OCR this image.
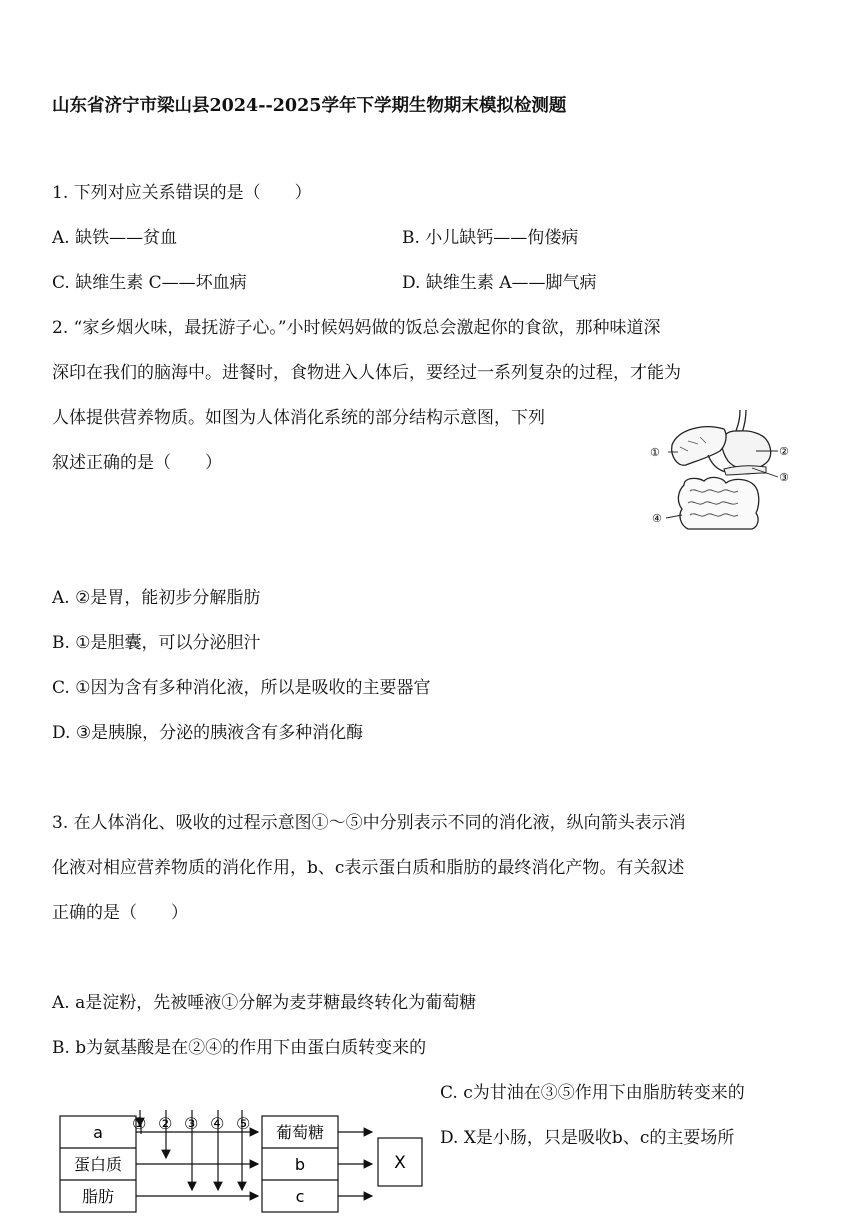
山东省济宁市梁山县2024--2025学年下学期生物期末模拟检测题
1. 下列对应关系错误的是（　　）
A. 缺铁——贫血	B. 小儿缺钙——佝偻病
C. 缺维生素 C——坏血病	D. 缺维生素 A——脚气病
2. “家乡烟火味，最抚游子心。”小时候妈妈做的饭总会激起你的食欲，那种味道深
深印在我们的脑海中。进餐时，食物进入人体后，要经过一系列复杂的过程，才能为
人体提供营养物质。如图为人体消化系统的部分结构示意图，下列
叙述正确的是（　　）
①	②
③
④
A. ②是胃，能初步分解脂肪
B. ①是胆囊，可以分泌胆汁
C. ①因为含有多种消化液，所以是吸收的主要器官
D. ③是胰腺，分泌的胰液含有多种消化酶
3. 在人体消化、吸收的过程示意图①～⑤中分别表示不同的消化液，纵向箭头表示消
化液对相应营养物质的消化作用，b、c表示蛋白质和脂肪的最终消化产物。有关叙述
正确的是（　　）
A. a是淀粉，先被唾液①分解为麦芽糖最终转化为葡萄糖
B. b为氨基酸是在②④的作用下由蛋白质转变来的
C. c为甘油在③⑤作用下由脂肪转变来的
D. X是小肠，只是吸收b、c的主要场所
① ② ③ ④ ⑤
a
蛋白质
脂肪
葡萄糖
b
c
X
